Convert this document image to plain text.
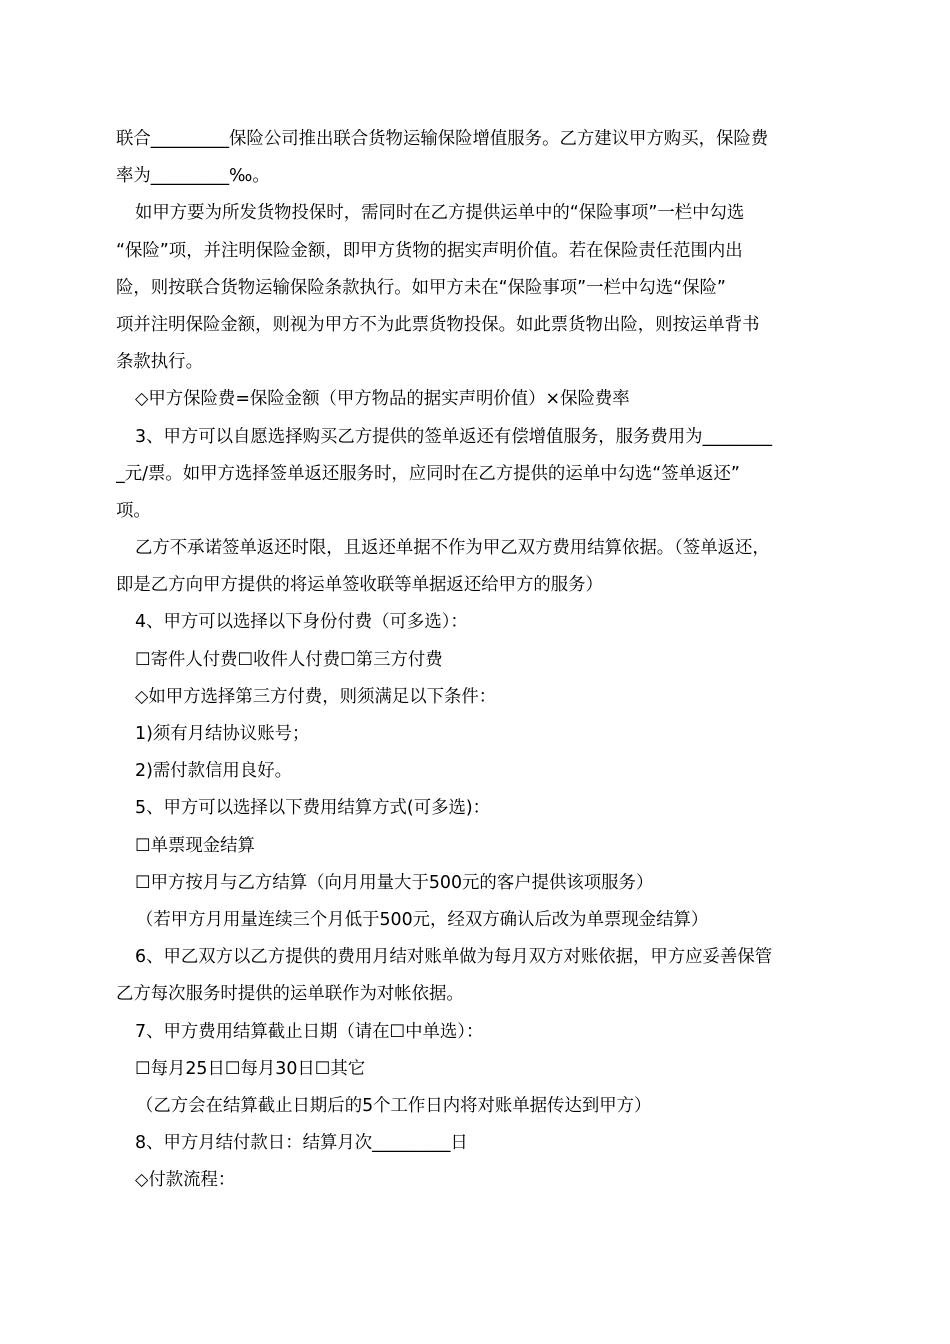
联合_________保险公司推出联合货物运输保险增值服务。乙方建议甲方购买，保险费
率为_________‰。
如甲方要为所发货物投保时，需同时在乙方提供运单中的“保险事项”一栏中勾选
“保险”项，并注明保险金额，即甲方货物的据实声明价值。若在保险责任范围内出
险，则按联合货物运输保险条款执行。如甲方未在“保险事项”一栏中勾选“保险”
项并注明保险金额，则视为甲方不为此票货物投保。如此票货物出险，则按运单背书
条款执行。
◇甲方保险费=保险金额（甲方物品的据实声明价值）×保险费率
3、甲方可以自愿选择购买乙方提供的签单返还有偿增值服务，服务费用为________
_元/票。如甲方选择签单返还服务时，应同时在乙方提供的运单中勾选“签单返还”
项。
乙方不承诺签单返还时限，且返还单据不作为甲乙双方费用结算依据。（签单返还，
即是乙方向甲方提供的将运单签收联等单据返还给甲方的服务）
4、甲方可以选择以下身份付费（可多选）：
☐寄件人付费☐收件人付费☐第三方付费
◇如甲方选择第三方付费，则须满足以下条件：
1)须有月结协议账号；
2)需付款信用良好。
5、甲方可以选择以下费用结算方式(可多选)：
☐单票现金结算
☐甲方按月与乙方结算（向月用量大于500元的客户提供该项服务）
（若甲方月用量连续三个月低于500元，经双方确认后改为单票现金结算）
6、甲乙双方以乙方提供的费用月结对账单做为每月双方对账依据，甲方应妥善保管
乙方每次服务时提供的运单联作为对帐依据。
7、甲方费用结算截止日期（请在☐中单选）：
☐每月25日☐每月30日☐其它
（乙方会在结算截止日期后的5个工作日内将对账单据传达到甲方）
8、甲方月结付款日：结算月次_________日
◇付款流程：
